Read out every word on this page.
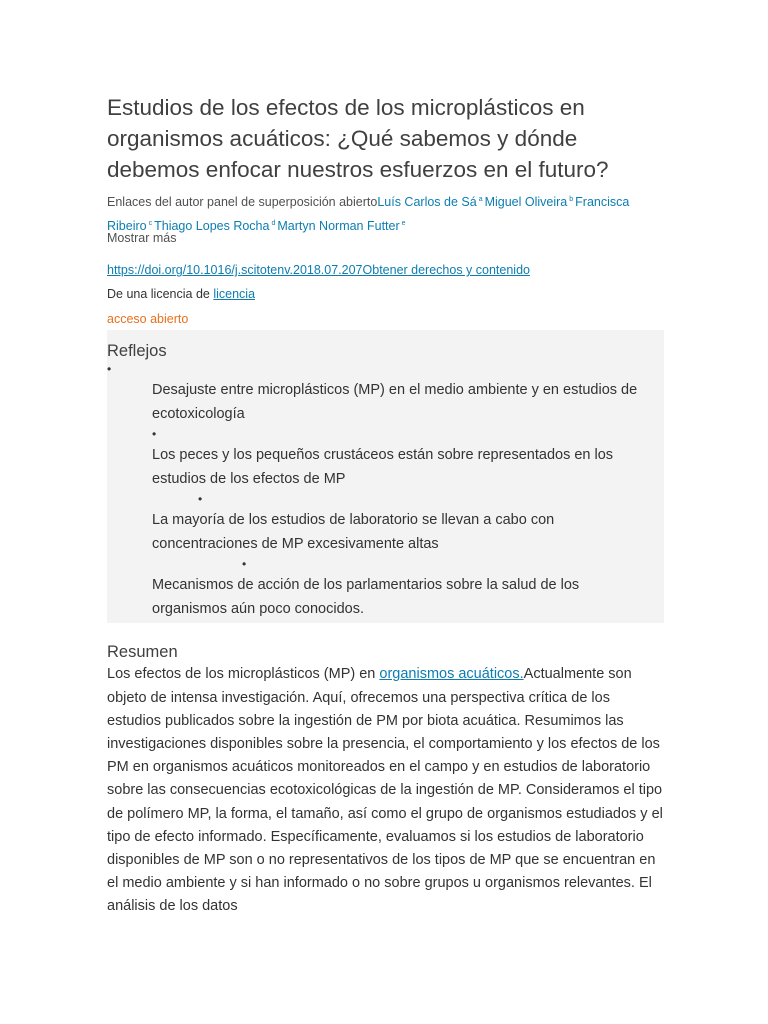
Estudios de los efectos de los microplásticos en organismos acuáticos: ¿Qué sabemos y dónde debemos enfocar nuestros esfuerzos en el futuro?
Enlaces del autor panel de superposición abiertoLuís Carlos de Sá $^a$ Miguel Oliveira $^b$ Francisca Ribeiro $^c$ Thiago Lopes Rocha $^d$ Martyn Norman Futter $^e$
Mostrar más
https://doi.org/10.1016/j.scitotenv.2018.07.207Obtener derechos y contenido
De una licencia de licencia
acceso abierto
Reflejos
•
Desajuste entre microplásticos (MP) en el medio ambiente y en estudios de ecotoxicología
•
Los peces y los pequeños crustáceos están sobre representados en los estudios de los efectos de MP
•
La mayoría de los estudios de laboratorio se llevan a cabo con concentraciones de MP excesivamente altas
•
Mecanismos de acción de los parlamentarios sobre la salud de los organismos aún poco conocidos.
Resumen

Los efectos de los microplásticos (MP) en organismos acuáticos.Actualmente son objeto de intensa investigación. Aquí, ofrecemos una perspectiva crítica de los estudios publicados sobre la ingestión de PM por biota acuática. Resumimos las investigaciones disponibles sobre la presencia, el comportamiento y los efectos de los PM en organismos acuáticos monitoreados en el campo y en estudios de laboratorio sobre las consecuencias ecotoxicológicas de la ingestión de MP. Consideramos el tipo de polímero MP, la forma, el tamaño, así como el grupo de organismos estudiados y el tipo de efecto informado. Específicamente, evaluamos si los estudios de laboratorio disponibles de MP son o no representativos de los tipos de MP que se encuentran en el medio ambiente y si han informado o no sobre grupos u organismos relevantes. El análisis de los datos
